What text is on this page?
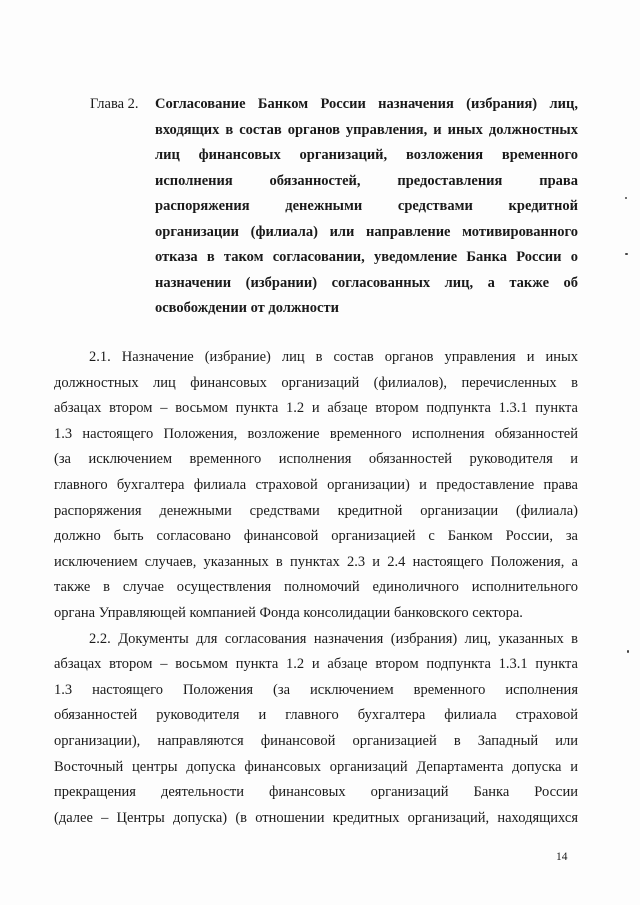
Глава 2. Согласование Банком России назначения (избрания) лиц,
входящих в состав органов управления, и иных должностных
лиц финансовых организаций, возложения временного
исполнения обязанностей, предоставления права
распоряжения денежными средствами кредитной
организации (филиала) или направление мотивированного
отказа в таком согласовании, уведомление Банка России о
назначении (избрании) согласованных лиц, а также об
освобождении от должности

2.1. Назначение (избрание) лиц в состав органов управления и иных
должностных лиц финансовых организаций (филиалов), перечисленных в
абзацах втором – восьмом пункта 1.2 и абзаце втором подпункта 1.3.1 пункта
1.3 настоящего Положения, возложение временного исполнения обязанностей
(за исключением временного исполнения обязанностей руководителя и
главного бухгалтера филиала страховой организации) и предоставление права
распоряжения денежными средствами кредитной организации (филиала)
должно быть согласовано финансовой организацией с Банком России, за
исключением случаев, указанных в пунктах 2.3 и 2.4 настоящего Положения, а
также в случае осуществления полномочий единоличного исполнительного
органа Управляющей компанией Фонда консолидации банковского сектора.

2.2. Документы для согласования назначения (избрания) лиц, указанных в
абзацах втором – восьмом пункта 1.2 и абзаце втором подпункта 1.3.1 пункта
1.3 настоящего Положения (за исключением временного исполнения
обязанностей руководителя и главного бухгалтера филиала страховой
организации), направляются финансовой организацией в Западный или
Восточный центры допуска финансовых организаций Департамента допуска и
прекращения деятельности финансовых организаций Банка России
(далее – Центры допуска) (в отношении кредитных организаций, находящихся

14
